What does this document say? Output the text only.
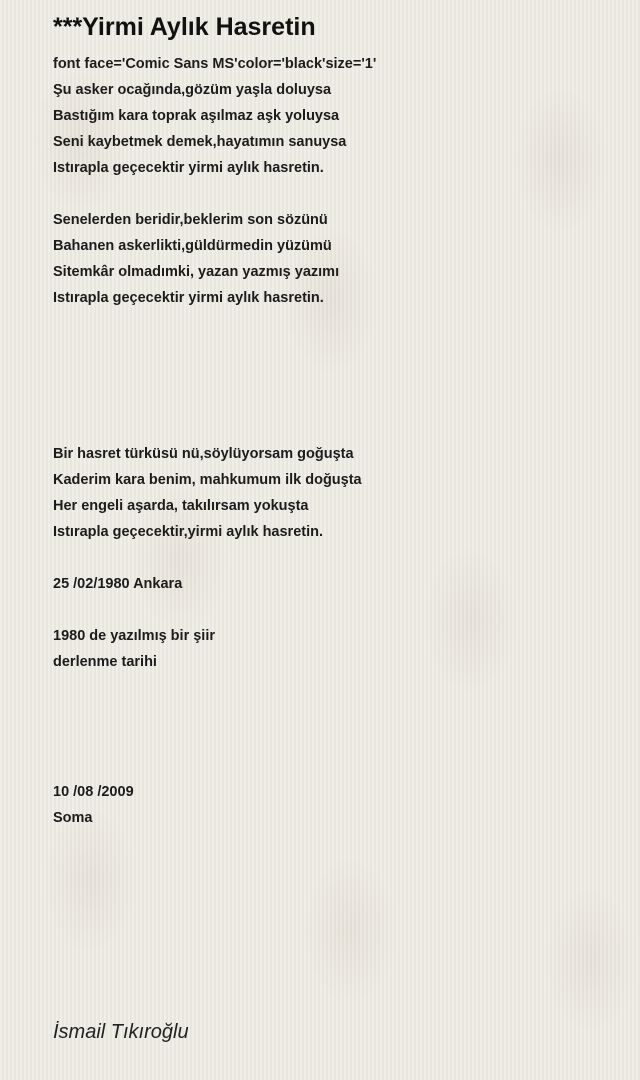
***Yirmi Aylık Hasretin
font face='Comic Sans MS'color='black'size='1'
Şu asker ocağında,gözüm yaşla doluysa
Bastığım kara toprak aşılmaz aşk yoluysa
Seni kaybetmek demek,hayatımın sanuysa
Istırapla geçecektir yirmi aylık hasretin.
Senelerden beridir,beklerim son sözünü
Bahanen askerlikti,güldürmedin yüzümü
Sitemkâr olmadımki, yazan yazmış yazımı
Istırapla geçecektir yirmi aylık hasretin.
Bir hasret türküsü nü,söylüyorsam goğuşta
Kaderim kara benim, mahkumum ilk doğuşta
Her engeli aşarda, takılırsam yokuşta
Istırapla geçecektir,yirmi aylık hasretin.
25 /02/1980 Ankara
1980 de yazılmış bir şiir
derlenme tarihi
10 /08 /2009
Soma

İsmail Tıkıroğlu
